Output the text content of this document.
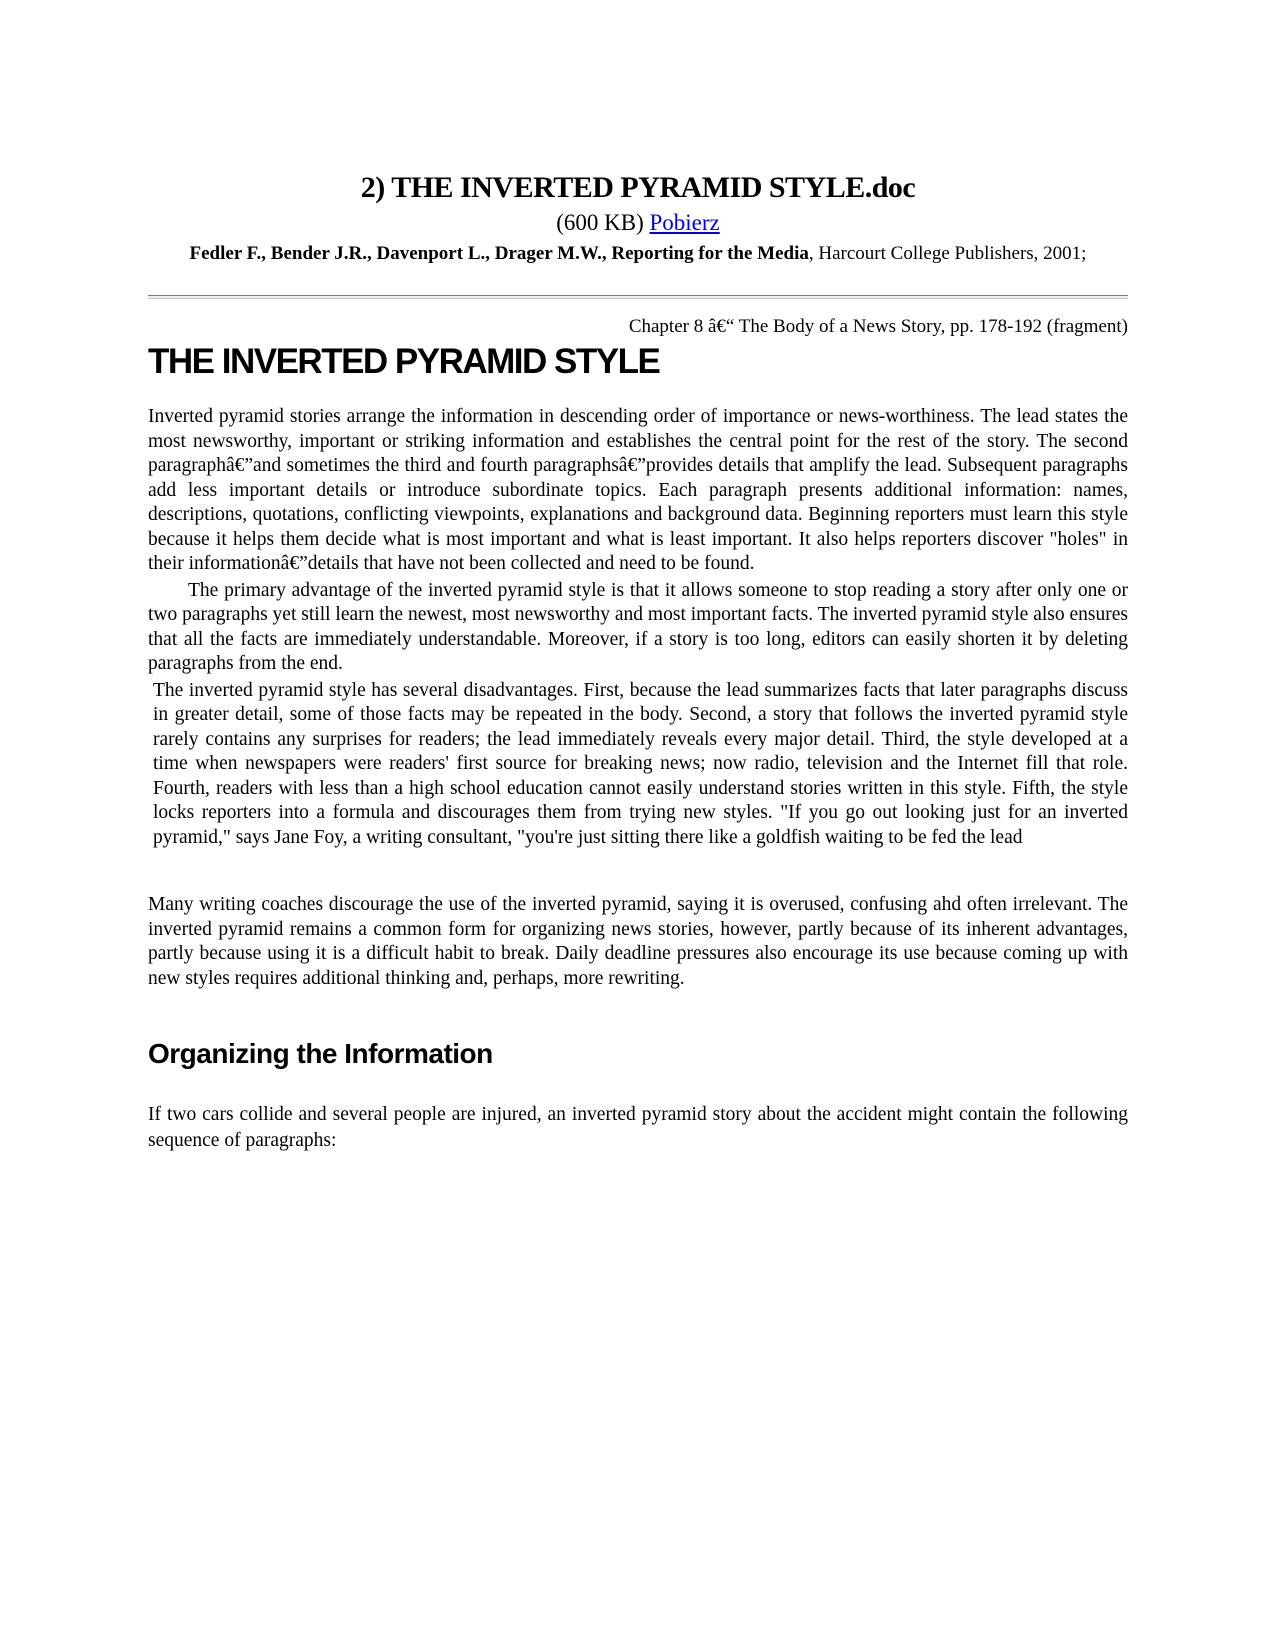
2) THE INVERTED PYRAMID STYLE.doc
(600 KB) Pobierz
Fedler F., Bender J.R., Davenport L., Drager M.W., Reporting for the Media, Harcourt College Publishers, 2001;
Chapter 8 â€“ The Body of a News Story, pp. 178-192 (fragment)
THE INVERTED PYRAMID STYLE

Inverted pyramid stories arrange the information in descending order of importance or news-worthiness. The lead states the most newsworthy, important or striking information and establishes the central point for the rest of the story. The second paragraphâ€”and sometimes the third and fourth paragraphsâ€”provides details that amplify the lead. Subsequent paragraphs add less important details or introduce subordinate topics. Each paragraph presents additional information: names, descriptions, quotations, conflicting viewpoints, explanations and background data. Beginning reporters must learn this style because it helps them decide what is most important and what is least important. It also helps reporters discover "holes" in their informationâ€”details that have not been collected and need to be found.

The primary advantage of the inverted pyramid style is that it allows someone to stop reading a story after only one or two paragraphs yet still learn the newest, most newsworthy and most important facts. The inverted pyramid style also ensures that all the facts are immediately understandable. Moreover, if a story is too long, editors can easily shorten it by deleting paragraphs from the end.

The inverted pyramid style has several disadvantages. First, because the lead summarizes facts that later paragraphs discuss in greater detail, some of those facts may be repeated in the body. Second, a story that follows the inverted pyramid style rarely contains any surprises for readers; the lead immediately reveals every major detail. Third, the style developed at a time when newspapers were readers' first source for breaking news; now radio, television and the Internet fill that role. Fourth, readers with less than a high school education cannot easily understand stories written in this style. Fifth, the style locks reporters into a formula and discourages them from trying new styles. "If you go out looking just for an inverted pyramid," says Jane Foy, a writing consultant, "you're just sitting there like a goldfish waiting to be fed the lead

Many writing coaches discourage the use of the inverted pyramid, saying it is overused, confusing ahd often irrelevant. The inverted pyramid remains a common form for organizing news stories, however, partly because of its inherent advantages, partly because using it is a difficult habit to break. Daily deadline pressures also encourage its use because coming up with new styles requires additional thinking and, perhaps, more rewriting.

Organizing the Information

If two cars collide and several people are injured, an inverted pyramid story about the accident might contain the following sequence of paragraphs:
